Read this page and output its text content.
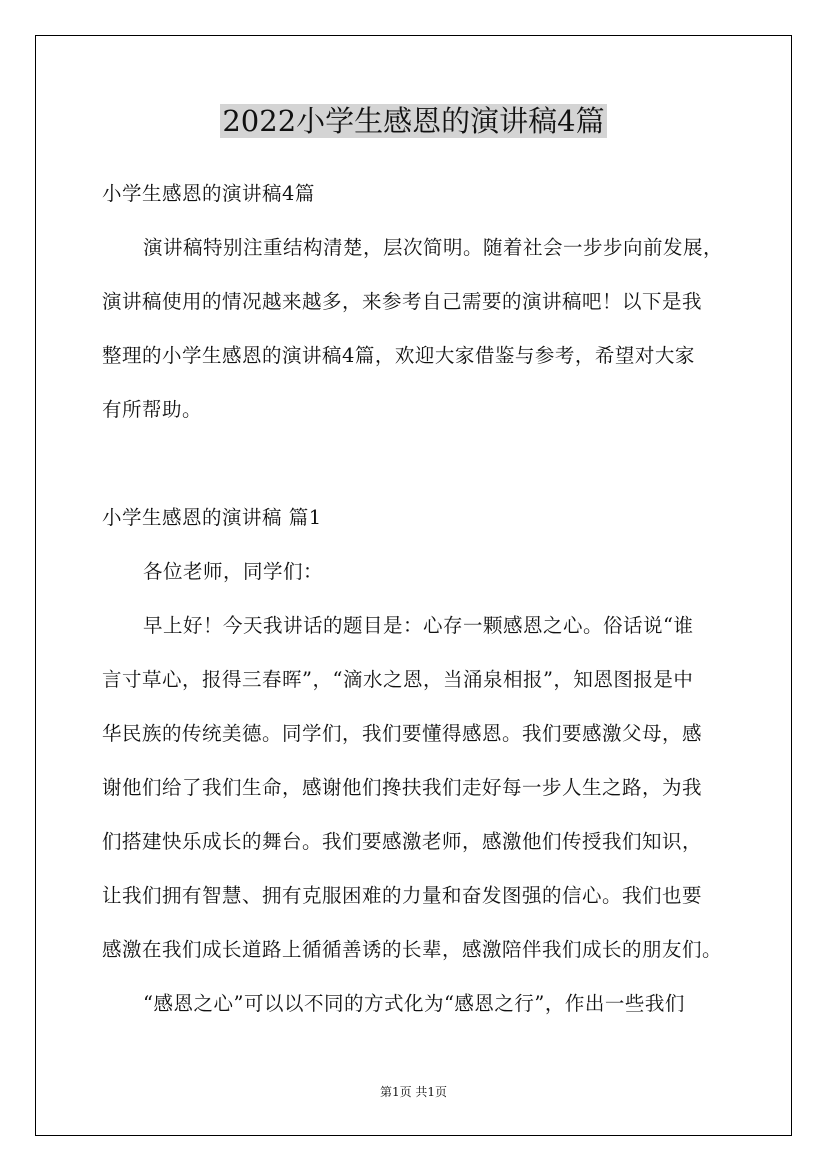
2022小学生感恩的演讲稿4篇
小学生感恩的演讲稿4篇
演讲稿特别注重结构清楚，层次简明。随着社会一步步向前发展，
演讲稿使用的情况越来越多，来参考自己需要的演讲稿吧！以下是我
整理的小学生感恩的演讲稿4篇，欢迎大家借鉴与参考，希望对大家
有所帮助。
小学生感恩的演讲稿 篇1
各位老师，同学们：
早上好！今天我讲话的题目是：心存一颗感恩之心。俗话说“谁
言寸草心，报得三春晖”，“滴水之恩，当涌泉相报”，知恩图报是中
华民族的传统美德。同学们，我们要懂得感恩。我们要感激父母，感
谢他们给了我们生命，感谢他们搀扶我们走好每一步人生之路，为我
们搭建快乐成长的舞台。我们要感激老师，感激他们传授我们知识，
让我们拥有智慧、拥有克服困难的力量和奋发图强的信心。我们也要
感激在我们成长道路上循循善诱的长辈，感激陪伴我们成长的朋友们。
“感恩之心”可以以不同的方式化为“感恩之行”，作出一些我们
第1页 共1页
